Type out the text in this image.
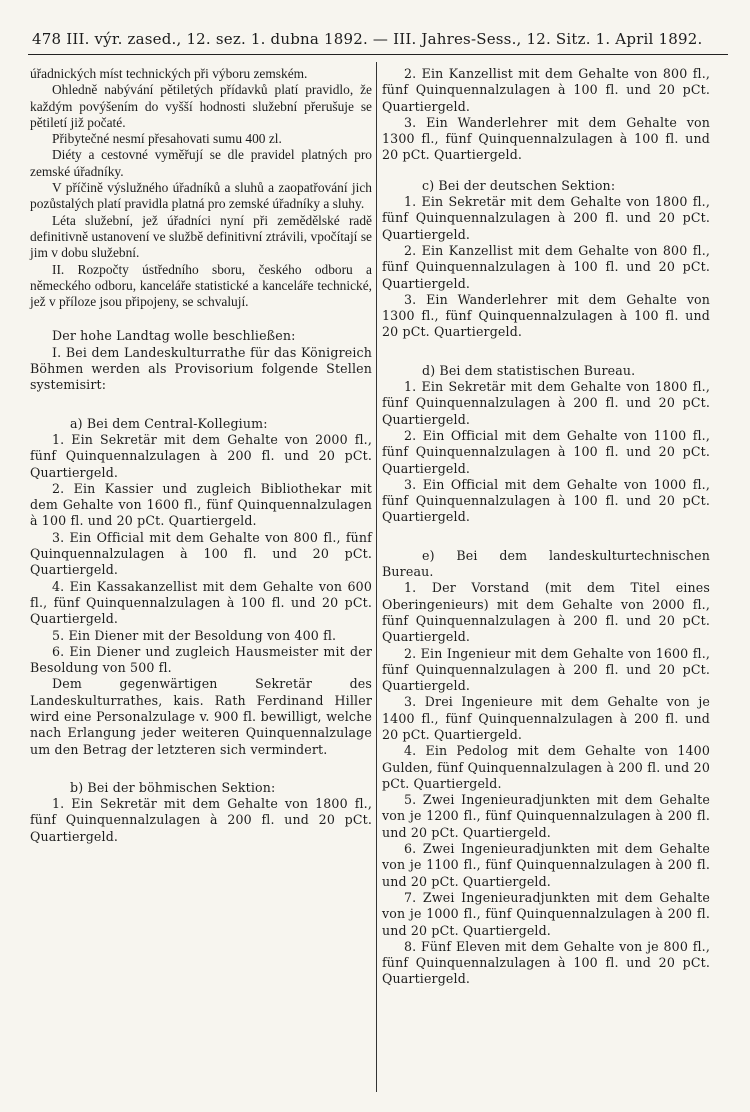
478 III. výr. zased., 12. sez. 1. dubna 1892. — III. Jahres-Sess., 12. Sitz. 1. April 1892.

úřadnických míst technických při výboru zemském.

Ohledně nabývání pětiletých přídavků platí pravidlo, že každým povýšením do vyšší hodnosti služební přerušuje se pětiletí již počaté.

Přibytečné nesmí přesahovati sumu 400 zl.

Diéty a cestovné vyměřují se dle pravidel platných pro zemské úřadníky.

V příčině výslužného úřadníků a sluhů a zaopatřování jich pozůstalých platí pravidla platná pro zemské úřadníky a sluhy.

Léta služební, jež úřadníci nyní při zemědělské radě definitivně ustanovení ve službě definitivní ztrávili, vpočítají se jim v dobu služební.

II. Rozpočty ústředního sboru, českého odboru a německého odboru, kanceláře statistické a kanceláře technické, jež v příloze jsou připojeny, se schvalují.

Der hohe Landtag wolle beschließen:

I. Bei dem Landeskulturrathe für das Königreich Böhmen werden als Provisorium folgende Stellen systemisirt:

a) Bei dem Central-Kollegium:

1. Ein Sekretär mit dem Gehalte von 2000 fl., fünf Quinquennalzulagen à 200 fl. und 20 pCt. Quartiergeld.

2. Ein Kassier und zugleich Bibliothekar mit dem Gehalte von 1600 fl., fünf Quinquennalzulagen à 100 fl. und 20 pCt. Quartiergeld.

3. Ein Official mit dem Gehalte von 800 fl., fünf Quinquennalzulagen à 100 fl. und 20 pCt. Quartiergeld.

4. Ein Kassakanzellist mit dem Gehalte von 600 fl., fünf Quinquennalzulagen à 100 fl. und 20 pCt. Quartiergeld.

5. Ein Diener mit der Besoldung von 400 fl.

6. Ein Diener und zugleich Hausmeister mit der Besoldung von 500 fl.

Dem gegenwärtigen Sekretär des Landeskulturrathes, kais. Rath Ferdinand Hiller wird eine Personalzulage v. 900 fl. bewilligt, welche nach Erlangung jeder weiteren Quinquennalzulage um den Betrag der letzteren sich vermindert.

b) Bei der böhmischen Sektion:

1. Ein Sekretär mit dem Gehalte von 1800 fl., fünf Quinquennalzulagen à 200 fl. und 20 pCt. Quartiergeld.

2. Ein Kanzellist mit dem Gehalte von 800 fl., fünf Quinquennalzulagen à 100 fl. und 20 pCt. Quartiergeld.

3. Ein Wanderlehrer mit dem Gehalte von 1300 fl., fünf Quinquennalzulagen à 100 fl. und 20 pCt. Quartiergeld.

c) Bei der deutschen Sektion:

1. Ein Sekretär mit dem Gehalte von 1800 fl., fünf Quinquennalzulagen à 200 fl. und 20 pCt. Quartiergeld.

2. Ein Kanzellist mit dem Gehalte von 800 fl., fünf Quinquennalzulagen à 100 fl. und 20 pCt. Quartiergeld.

3. Ein Wanderlehrer mit dem Gehalte von 1300 fl., fünf Quinquennalzulagen à 100 fl. und 20 pCt. Quartiergeld.

d) Bei dem statistischen Bureau.

1. Ein Sekretär mit dem Gehalte von 1800 fl., fünf Quinquennalzulagen à 200 fl. und 20 pCt. Quartiergeld.

2. Ein Official mit dem Gehalte von 1100 fl., fünf Quinquennalzulagen à 100 fl. und 20 pCt. Quartiergeld.

3. Ein Official mit dem Gehalte von 1000 fl., fünf Quinquennalzulagen à 100 fl. und 20 pCt. Quartiergeld.

e) Bei dem landeskulturtechnischen Bureau.

1. Der Vorstand (mit dem Titel eines Oberingenieurs) mit dem Gehalte von 2000 fl., fünf Quinquennalzulagen à 200 fl. und 20 pCt. Quartiergeld.

2. Ein Ingenieur mit dem Gehalte von 1600 fl., fünf Quinquennalzulagen à 200 fl. und 20 pCt. Quartiergeld.

3. Drei Ingenieure mit dem Gehalte von je 1400 fl., fünf Quinquennalzulagen à 200 fl. und 20 pCt. Quartiergeld.

4. Ein Pedolog mit dem Gehalte von 1400 Gulden, fünf Quinquennalzulagen à 200 fl. und 20 pCt. Quartiergeld.

5. Zwei Ingenieuradjunkten mit dem Gehalte von je 1200 fl., fünf Quinquennalzulagen à 200 fl. und 20 pCt. Quartiergeld.

6. Zwei Ingenieuradjunkten mit dem Gehalte von je 1100 fl., fünf Quinquennalzulagen à 200 fl. und 20 pCt. Quartiergeld.

7. Zwei Ingenieuradjunkten mit dem Gehalte von je 1000 fl., fünf Quinquennalzulagen à 200 fl. und 20 pCt. Quartiergeld.

8. Fünf Eleven mit dem Gehalte von je 800 fl., fünf Quinquennalzulagen à 100 fl. und 20 pCt. Quartiergeld.
